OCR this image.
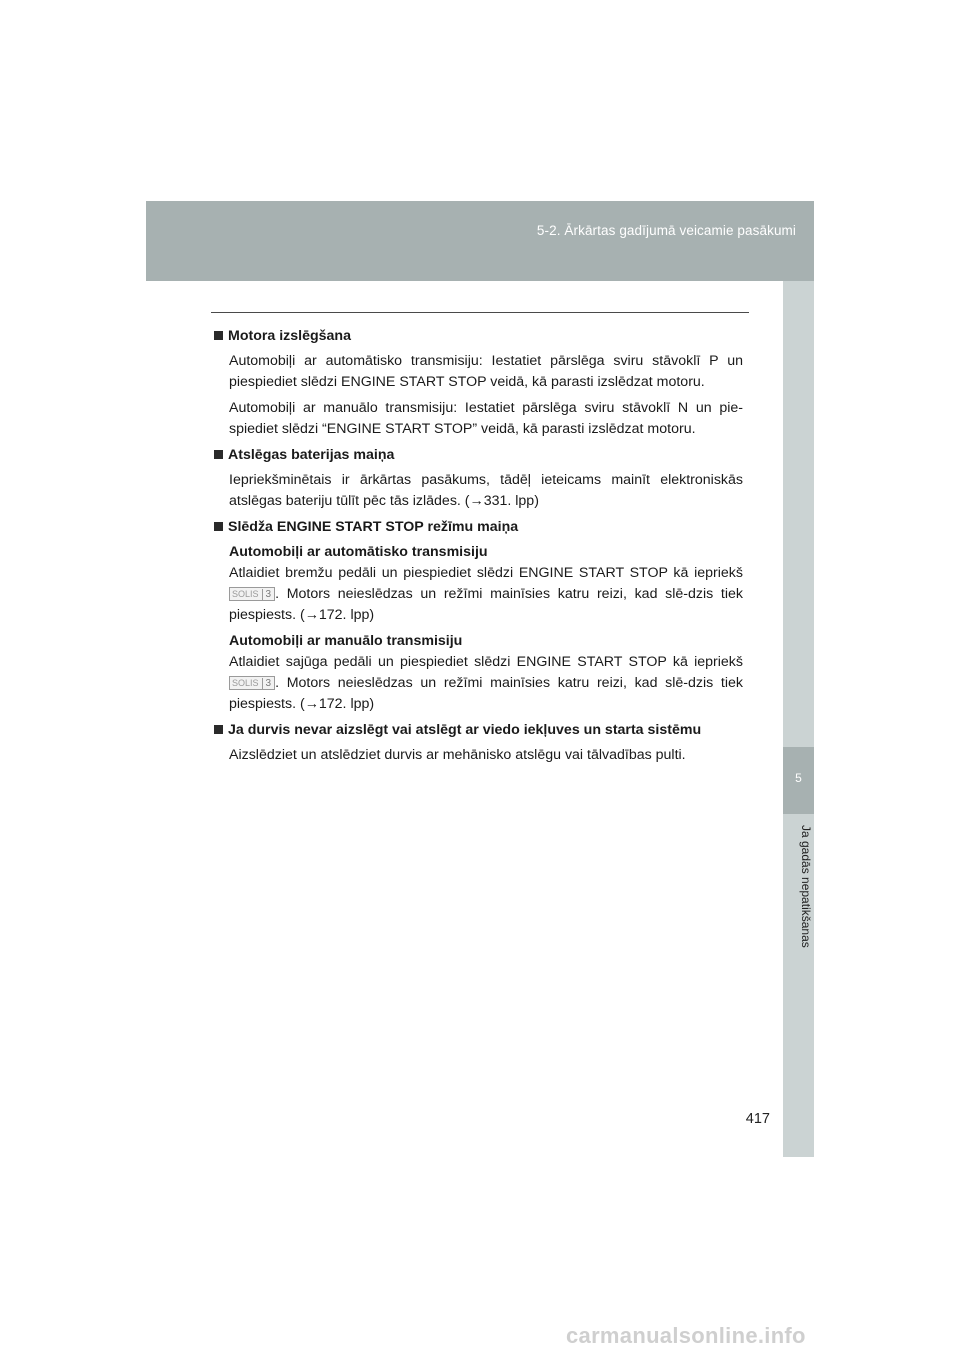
5-2. Ārkārtas gadījumā veicamie pasākumi
5
Ja gadās nepatikšanas
Motora izslēgšana

Automobiļi ar automātisko transmisiju: Iestatiet pārslēga sviru stāvoklī P un piespiediet slēdzi ENGINE START STOP veidā, kā parasti izslēdzat motoru.

Automobiļi ar manuālo transmisiju: Iestatiet pārslēga sviru stāvoklī N un pie-spiediet slēdzi “ENGINE START STOP” veidā, kā parasti izslēdzat motoru.

Atslēgas baterijas maiņa

Iepriekšminētais ir ārkārtas pasākums, tādēļ ieteicams mainīt elektroniskās atslēgas bateriju tūlīt pēc tās izlādes. (→331. lpp)

Slēdža ENGINE START STOP režīmu maiņa

Automobiļi ar automātisko transmisiju
Atlaidiet bremžu pedāli un piespiediet slēdzi ENGINE START STOP kā iepriekš SOLIS 3 . Motors neieslēdzas un režīmi mainīsies katru reizi, kad slē-dzis tiek piespiests. (→172. lpp)

Automobiļi ar manuālo transmisiju
Atlaidiet sajūga pedāli un piespiediet slēdzi ENGINE START STOP kā iepriekš SOLIS 3 . Motors neieslēdzas un režīmi mainīsies katru reizi, kad slē-dzis tiek piespiests. (→172. lpp)

Ja durvis nevar aizslēgt vai atslēgt ar viedo iekļuves un starta sistēmu

Aizslēdziet un atslēdziet durvis ar mehānisko atslēgu vai tālvadības pulti.

417
carmanualsonline.info
